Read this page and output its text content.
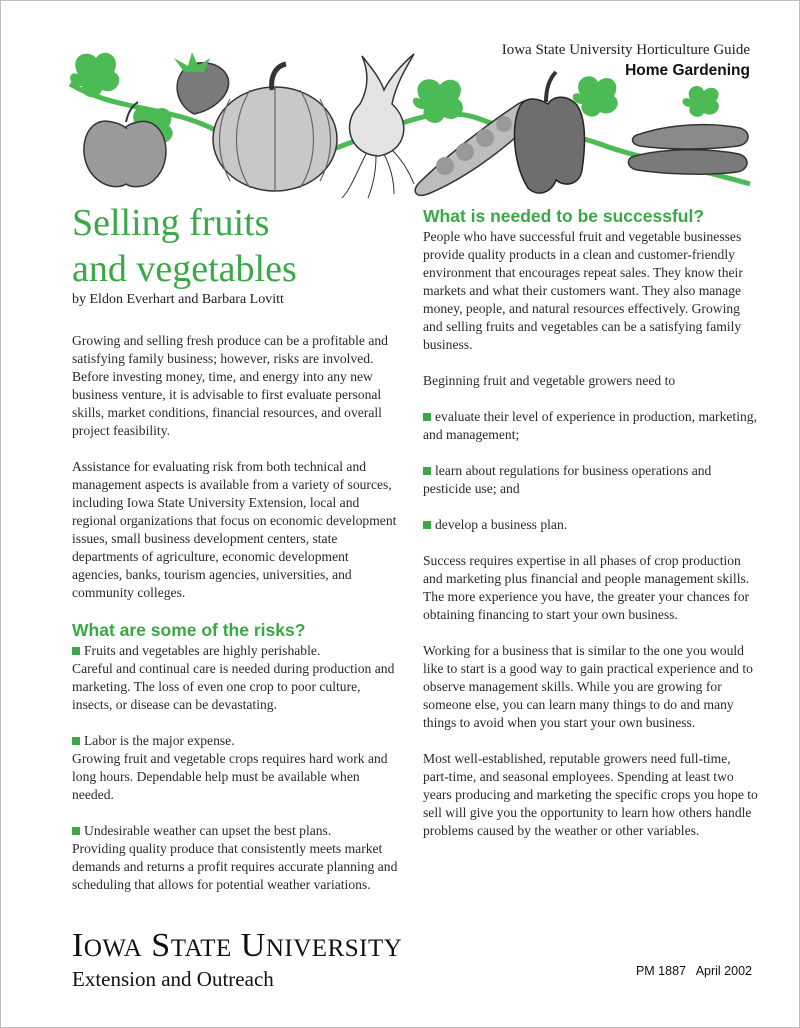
Iowa State University Horticulture Guide
Home Gardening
Selling fruits
and vegetables
by Eldon Everhart and Barbara Lovitt

Growing and selling fresh produce can be a profitable and satisfying family business; however, risks are involved. Before investing money, time, and energy into any new business venture, it is advisable to first evaluate personal skills, market conditions, financial resources, and overall project feasibility.

Assistance for evaluating risk from both technical and management aspects is available from a variety of sources, including Iowa State University Extension, local and regional organizations that focus on economic development issues, small business development centers, state departments of agriculture, economic development agencies, banks, tourism agencies, universities, and community colleges.

What are some of the risks?

Fruits and vegetables are highly perishable.
Careful and continual care is needed during production and marketing. The loss of even one crop to poor culture, insects, or disease can be devastating.

Labor is the major expense.
Growing fruit and vegetable crops requires hard work and long hours. Dependable help must be available when needed.

Undesirable weather can upset the best plans.
Providing quality produce that consistently meets market demands and returns a profit requires accurate planning and scheduling that allows for potential weather variations.

What is needed to be successful?

People who have successful fruit and vegetable businesses provide quality products in a clean and customer-friendly environment that encourages repeat sales. They know their markets and what their customers want. They also manage money, people, and natural resources effectively. Growing and selling fruits and vegetables can be a satisfying family business.

Beginning fruit and vegetable growers need to

evaluate their level of experience in production, marketing, and management;

learn about regulations for business operations and pesticide use; and

develop a business plan.

Success requires expertise in all phases of crop production and marketing plus financial and people management skills. The more experience you have, the greater your chances for obtaining financing to start your own business.

Working for a business that is similar to the one you would like to start is a good way to gain practical experience and to observe management skills. While you are growing for someone else, you can learn many things to do and many things to avoid when you start your own business.

Most well-established, reputable growers need full-time, part-time, and seasonal employees. Spending at least two years producing and marketing the specific crops you hope to sell will give you the opportunity to learn how others handle problems caused by the weather or other variables.

IOWA STATE UNIVERSITY
Extension and Outreach	PM 1887 April 2002
